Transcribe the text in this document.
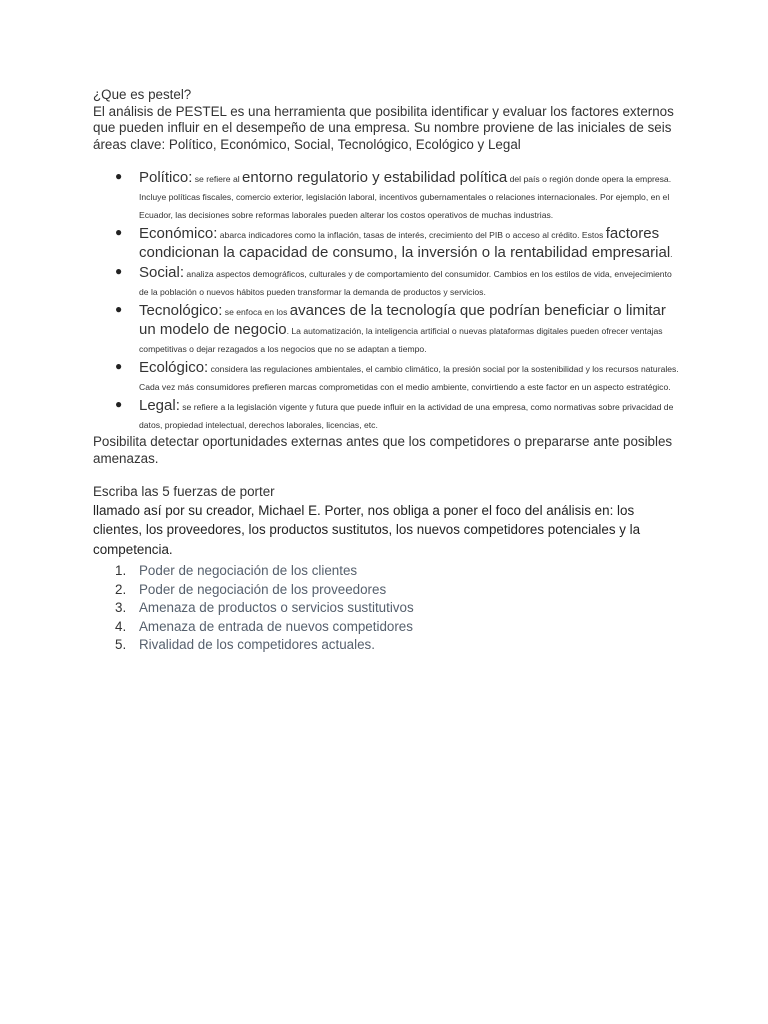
¿Que es pestel?

El análisis de PESTEL es una herramienta que posibilita identificar y evaluar los factores externos que pueden influir en el desempeño de una empresa. Su nombre proviene de las iniciales de seis áreas clave: Político, Económico, Social, Tecnológico, Ecológico y Legal

● Político: se refiere al entorno regulatorio y estabilidad política del país o región donde opera la empresa. Incluye políticas fiscales, comercio exterior, legislación laboral, incentivos gubernamentales o relaciones internacionales. Por ejemplo, en el Ecuador, las decisiones sobre reformas laborales pueden alterar los costos operativos de muchas industrias.
● Económico: abarca indicadores como la inflación, tasas de interés, crecimiento del PIB o acceso al crédito. Estos factores condicionan la capacidad de consumo, la inversión o la rentabilidad empresarial.
● Social: analiza aspectos demográficos, culturales y de comportamiento del consumidor. Cambios en los estilos de vida, envejecimiento de la población o nuevos hábitos pueden transformar la demanda de productos y servicios.
● Tecnológico: se enfoca en los avances de la tecnología que podrían beneficiar o limitar un modelo de negocio. La automatización, la inteligencia artificial o nuevas plataformas digitales pueden ofrecer ventajas competitivas o dejar rezagados a los negocios que no se adaptan a tiempo.
● Ecológico: considera las regulaciones ambientales, el cambio climático, la presión social por la sostenibilidad y los recursos naturales. Cada vez más consumidores prefieren marcas comprometidas con el medio ambiente, convirtiendo a este factor en un aspecto estratégico.
● Legal: se refiere a la legislación vigente y futura que puede influir en la actividad de una empresa, como normativas sobre privacidad de datos, propiedad intelectual, derechos laborales, licencias, etc.

Posibilita detectar oportunidades externas antes que los competidores o prepararse ante posibles amenazas.

Escriba las 5 fuerzas de porter

llamado así por su creador, Michael E. Porter, nos obliga a poner el foco del análisis en: los clientes, los proveedores, los productos sustitutos, los nuevos competidores potenciales y la competencia.

1. Poder de negociación de los clientes
2. Poder de negociación de los proveedores
3. Amenaza de productos o servicios sustitutivos
4. Amenaza de entrada de nuevos competidores
5. Rivalidad de los competidores actuales.
